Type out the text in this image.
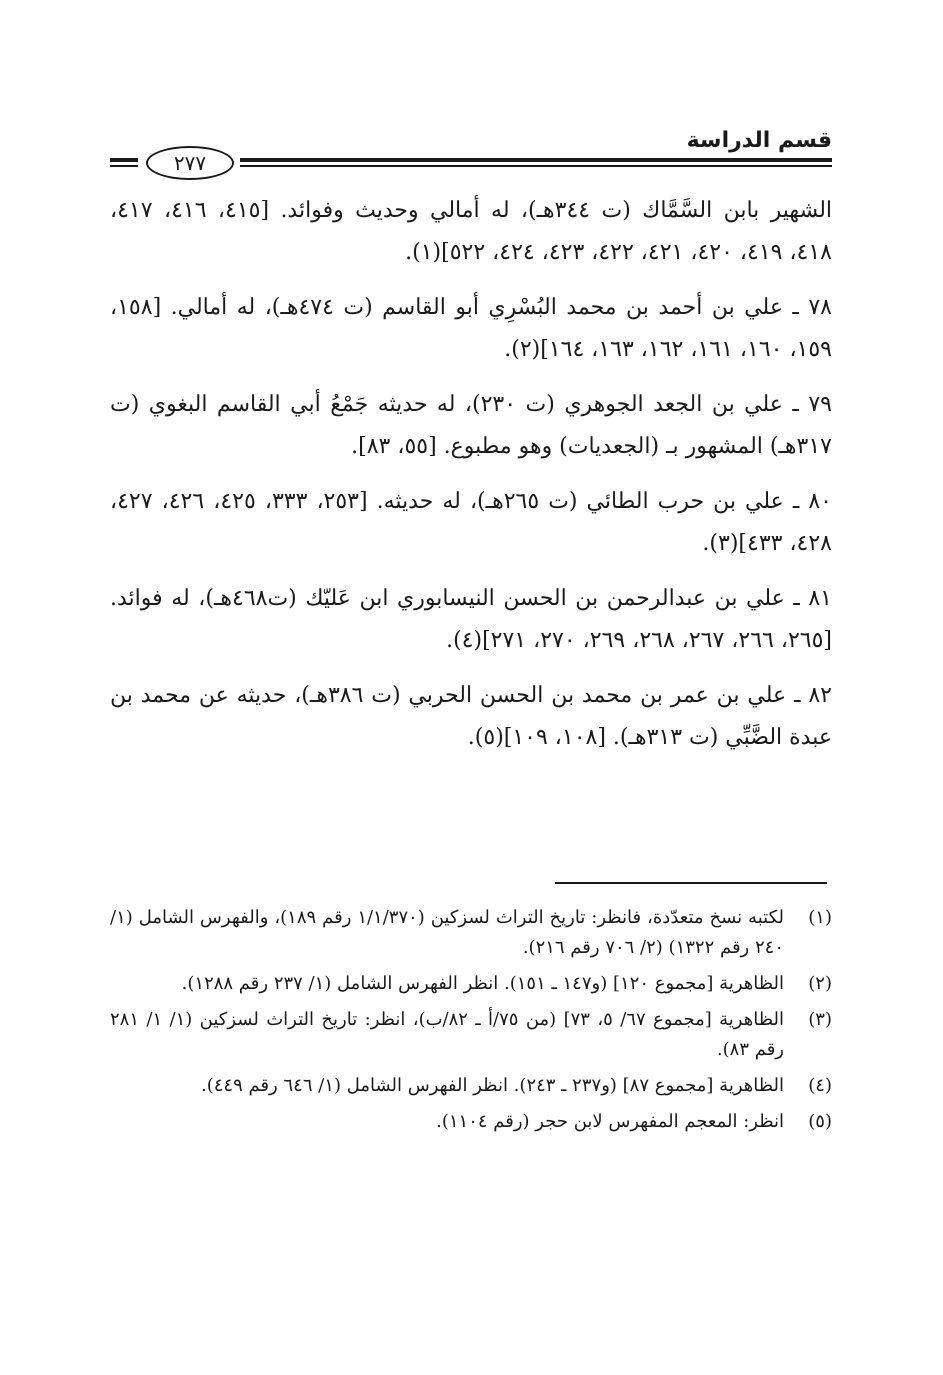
قسم الدراسة
٢٧٧

الشهير بابن السَّمَّاك (ت ٣٤٤هـ)، له أمالي وحديث وفوائد. [٤١٥، ٤١٦، ٤١٧، ٤١٨، ٤١٩، ٤٢٠، ٤٢١، ٤٢٢، ٤٢٣، ٤٢٤، ٥٢٢](١).

٧٨ ـ علي بن أحمد بن محمد البُسْرِي أبو القاسم (ت ٤٧٤هـ)، له أمالي. [١٥٨، ١٥٩، ١٦٠، ١٦١، ١٦٢، ١٦٣، ١٦٤](٢).

٧٩ ـ علي بن الجعد الجوهري (ت ٢٣٠)، له حديثه جَمْعُ أبي القاسم البغوي (ت ٣١٧هـ) المشهور بـ (الجعديات) وهو مطبوع. [٥٥، ٨٣].

٨٠ ـ علي بن حرب الطائي (ت ٢٦٥هـ)، له حديثه. [٢٥٣، ٣٣٣، ٤٢٥، ٤٢٦، ٤٢٧، ٤٢٨، ٤٣٣](٣).

٨١ ـ علي بن عبدالرحمن بن الحسن النيسابوري ابن عَليّك (ت٤٦٨هـ)، له فوائد. [٢٦٥، ٢٦٦، ٢٦٧، ٢٦٨، ٢٦٩، ٢٧٠، ٢٧١](٤).

٨٢ ـ علي بن عمر بن محمد بن الحسن الحربي (ت ٣٨٦هـ)، حديثه عن محمد بن عبدة الضَّبِّي (ت ٣١٣هـ). [١٠٨، ١٠٩](٥).

(١)
لكتبه نسخ متعدّدة، فانظر: تاريخ التراث لسزكين (١/١/٣٧٠ رقم ١٨٩)، والفهرس الشامل (١/ ٢٤٠ رقم ١٣٢٢) (٢/ ٧٠٦ رقم ٢١٦).
(٢)
الظاهرية [مجموع ١٢٠] (و١٤٧ ـ ١٥١). انظر الفهرس الشامل (١/ ٢٣٧ رقم ١٢٨٨).
(٣)
الظاهرية [مجموع ٦٧/ ٥، ٧٣] (من ٧٥/أ ـ ٨٢/ب)، انظر: تاريخ التراث لسزكين (١/ ١/ ٢٨١ رقم ٨٣).
(٤)
الظاهرية [مجموع ٨٧] (و٢٣٧ ـ ٢٤٣). انظر الفهرس الشامل (١/ ٦٤٦ رقم ٤٤٩).
(٥)
انظر: المعجم المفهرس لابن حجر (رقم ١١٠٤).
